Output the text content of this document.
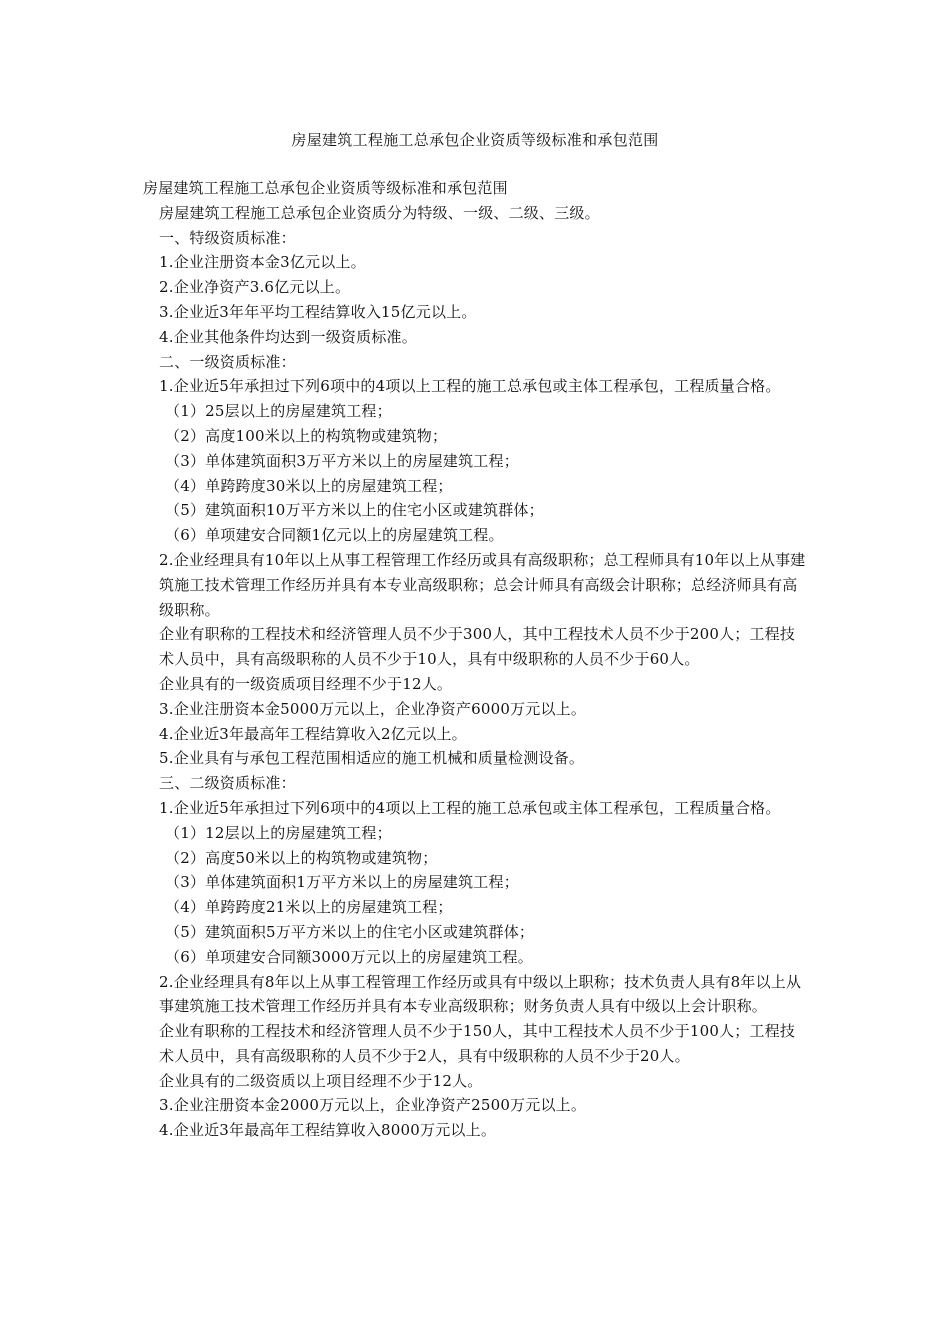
房屋建筑工程施工总承包企业资质等级标准和承包范围

房屋建筑工程施工总承包企业资质等级标准和承包范围

房屋建筑工程施工总承包企业资质分为特级、一级、二级、三级。

一、特级资质标准：

1.企业注册资本金3亿元以上。

2.企业净资产3.6亿元以上。

3.企业近3年年平均工程结算收入15亿元以上。

4.企业其他条件均达到一级资质标准。

二、一级资质标准：

1.企业近5年承担过下列6项中的4项以上工程的施工总承包或主体工程承包，工程质量合格。

（1）25层以上的房屋建筑工程；

（2）高度100米以上的构筑物或建筑物；

（3）单体建筑面积3万平方米以上的房屋建筑工程；

（4）单跨跨度30米以上的房屋建筑工程；

（5）建筑面积10万平方米以上的住宅小区或建筑群体；

（6）单项建安合同额1亿元以上的房屋建筑工程。

2.企业经理具有10年以上从事工程管理工作经历或具有高级职称；总工程师具有10年以上从事建筑施工技术管理工作经历并具有本专业高级职称；总会计师具有高级会计职称；总经济师具有高级职称。

企业有职称的工程技术和经济管理人员不少于300人，其中工程技术人员不少于200人；工程技术人员中，具有高级职称的人员不少于10人，具有中级职称的人员不少于60人。

企业具有的一级资质项目经理不少于12人。

3.企业注册资本金5000万元以上，企业净资产6000万元以上。

4.企业近3年最高年工程结算收入2亿元以上。

5.企业具有与承包工程范围相适应的施工机械和质量检测设备。

三、二级资质标准：

1.企业近5年承担过下列6项中的4项以上工程的施工总承包或主体工程承包，工程质量合格。

（1）12层以上的房屋建筑工程；

（2）高度50米以上的构筑物或建筑物；

（3）单体建筑面积1万平方米以上的房屋建筑工程；

（4）单跨跨度21米以上的房屋建筑工程；

（5）建筑面积5万平方米以上的住宅小区或建筑群体；

（6）单项建安合同额3000万元以上的房屋建筑工程。

2.企业经理具有8年以上从事工程管理工作经历或具有中级以上职称；技术负责人具有8年以上从事建筑施工技术管理工作经历并具有本专业高级职称；财务负责人具有中级以上会计职称。

企业有职称的工程技术和经济管理人员不少于150人，其中工程技术人员不少于100人；工程技术人员中，具有高级职称的人员不少于2人，具有中级职称的人员不少于20人。

企业具有的二级资质以上项目经理不少于12人。

3.企业注册资本金2000万元以上，企业净资产2500万元以上。

4.企业近3年最高年工程结算收入8000万元以上。
